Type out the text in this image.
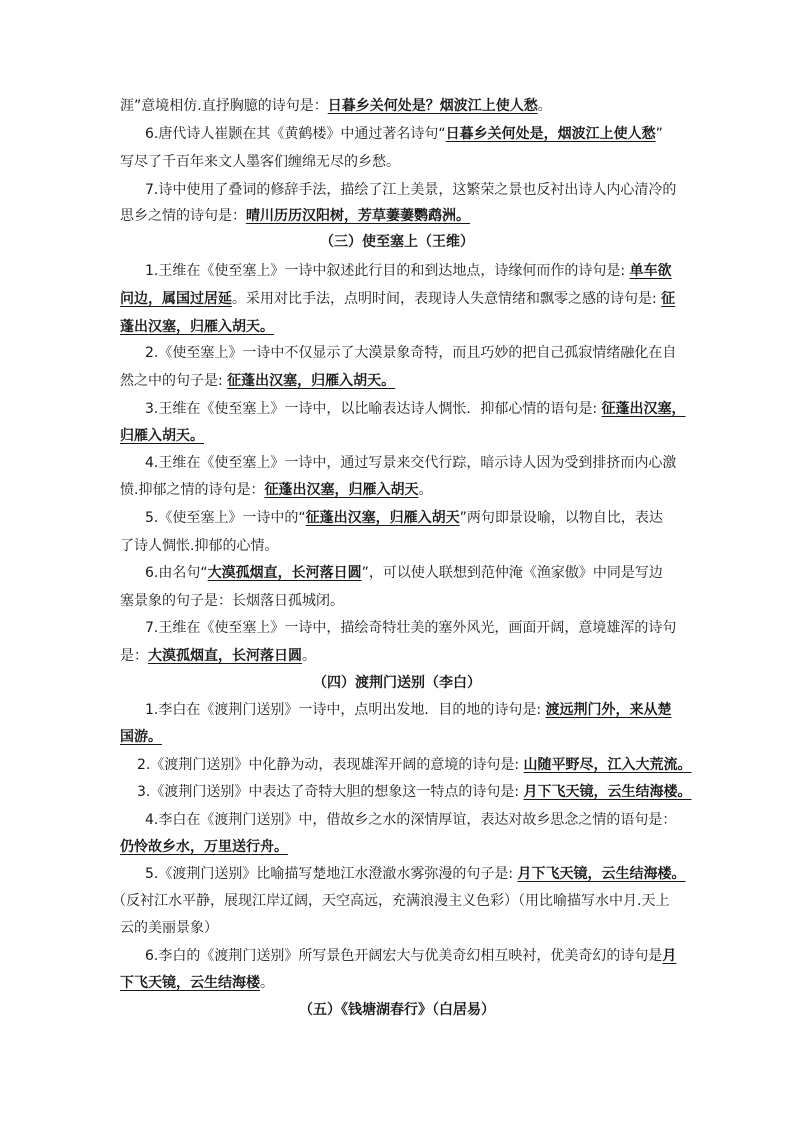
涯”意境相仿.直抒胸臆的诗句是：日暮乡关何处是？烟波江上使人愁。
6.唐代诗人崔颢在其《黄鹤楼》中通过著名诗句“日暮乡关何处是，烟波江上使人愁”
写尽了千百年来文人墨客们缠绵无尽的乡愁。
7.诗中使用了叠词的修辞手法，描绘了江上美景，这繁荣之景也反衬出诗人内心清冷的
思乡之情的诗句是：晴川历历汉阳树，芳草萋萋鹦鹉洲。
（三）使至塞上（王维）
1.王维在《使至塞上》一诗中叙述此行目的和到达地点，诗缘何而作的诗句是: 单车欲
问边，属国过居延。采用对比手法，点明时间，表现诗人失意情绪和飘零之感的诗句是: 征
蓬出汉塞，归雁入胡天。
2.《使至塞上》一诗中不仅显示了大漠景象奇特，而且巧妙的把自己孤寂情绪融化在自
然之中的句子是: 征蓬出汉塞，归雁入胡天。
3.王维在《使至塞上》一诗中，以比喻表达诗人惆怅．抑郁心情的语句是: 征蓬出汉塞，
归雁入胡天。
4.王维在《使至塞上》一诗中，通过写景来交代行踪，暗示诗人因为受到排挤而内心激
愤.抑郁之情的诗句是：征蓬出汉塞，归雁入胡天。
5.《使至塞上》一诗中的“征蓬出汉塞，归雁入胡天”两句即景设喻，以物自比，表达
了诗人惆怅.抑郁的心情。
6.由名句“大漠孤烟直，长河落日圆”，可以使人联想到范仲淹《渔家傲》中同是写边
塞景象的句子是：长烟落日孤城闭。
7.王维在《使至塞上》一诗中，描绘奇特壮美的塞外风光，画面开阔，意境雄浑的诗句
是：大漠孤烟直，长河落日圆。
（四）渡荆门送别（李白）
1.李白在《渡荆门送别》一诗中，点明出发地．目的地的诗句是: 渡远荆门外，来从楚
国游。
2.《渡荆门送别》中化静为动，表现雄浑开阔的意境的诗句是: 山随平野尽，江入大荒流。
3.《渡荆门送别》中表达了奇特大胆的想象这一特点的诗句是: 月下飞天镜，云生结海楼。
4.李白在《渡荆门送别》中，借故乡之水的深情厚谊，表达对故乡思念之情的语句是：
仍怜故乡水，万里送行舟。
5.《渡荆门送别》比喻描写楚地江水澄澈水雾弥漫的句子是: 月下飞天镜，云生结海楼。
（反衬江水平静，展现江岸辽阔，天空高远，充满浪漫主义色彩）（用比喻描写水中月.天上
云的美丽景象）
6.李白的《渡荆门送别》所写景色开阔宏大与优美奇幻相互映衬，优美奇幻的诗句是月
下飞天镜，云生结海楼。
（五）《钱塘湖春行》（白居易）
